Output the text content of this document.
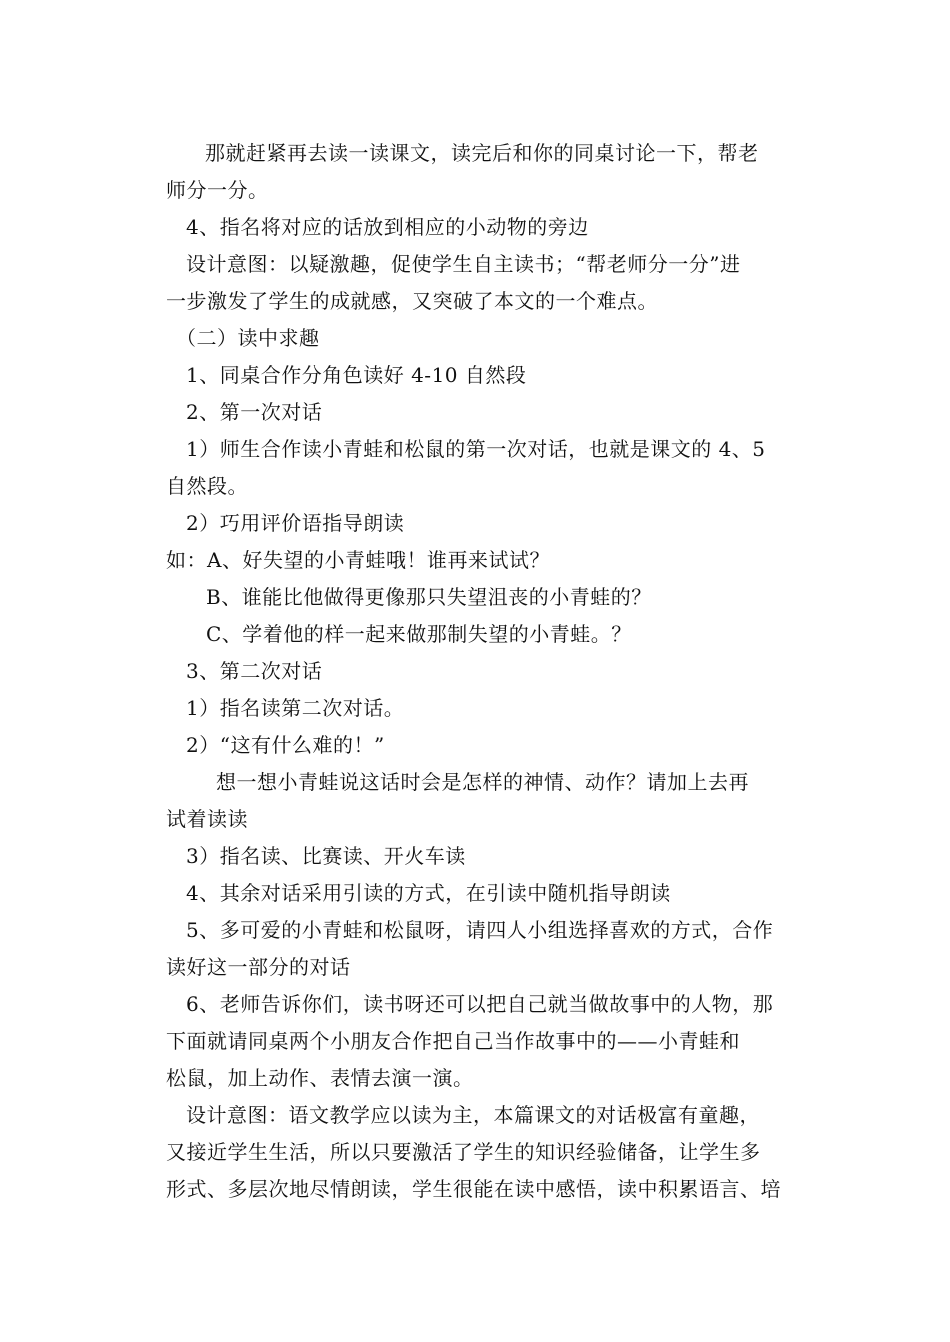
那就赶紧再去读一读课文，读完后和你的同桌讨论一下，帮老
师分一分。
4、指名将对应的话放到相应的小动物的旁边
设计意图：以疑激趣，促使学生自主读书；“帮老师分一分”进
一步激发了学生的成就感，又突破了本文的一个难点。
（二）读中求趣
1、同桌合作分角色读好 4-10 自然段
2、第一次对话
1）师生合作读小青蛙和松鼠的第一次对话，也就是课文的 4、5
自然段。
2）巧用评价语指导朗读
如：A、好失望的小青蛙哦！谁再来试试？
B、谁能比他做得更像那只失望沮丧的小青蛙的？
C、学着他的样一起来做那制失望的小青蛙。？
3、第二次对话
1）指名读第二次对话。
2）“这有什么难的！”
想一想小青蛙说这话时会是怎样的神情、动作？请加上去再
试着读读
3）指名读、比赛读、开火车读
4、其余对话采用引读的方式，在引读中随机指导朗读
5、多可爱的小青蛙和松鼠呀，请四人小组选择喜欢的方式，合作
读好这一部分的对话
6、老师告诉你们，读书呀还可以把自己就当做故事中的人物，那
下面就请同桌两个小朋友合作把自己当作故事中的——小青蛙和
松鼠，加上动作、表情去演一演。
设计意图：语文教学应以读为主，本篇课文的对话极富有童趣，
又接近学生生活，所以只要激活了学生的知识经验储备，让学生多
形式、多层次地尽情朗读，学生很能在读中感悟，读中积累语言、培
